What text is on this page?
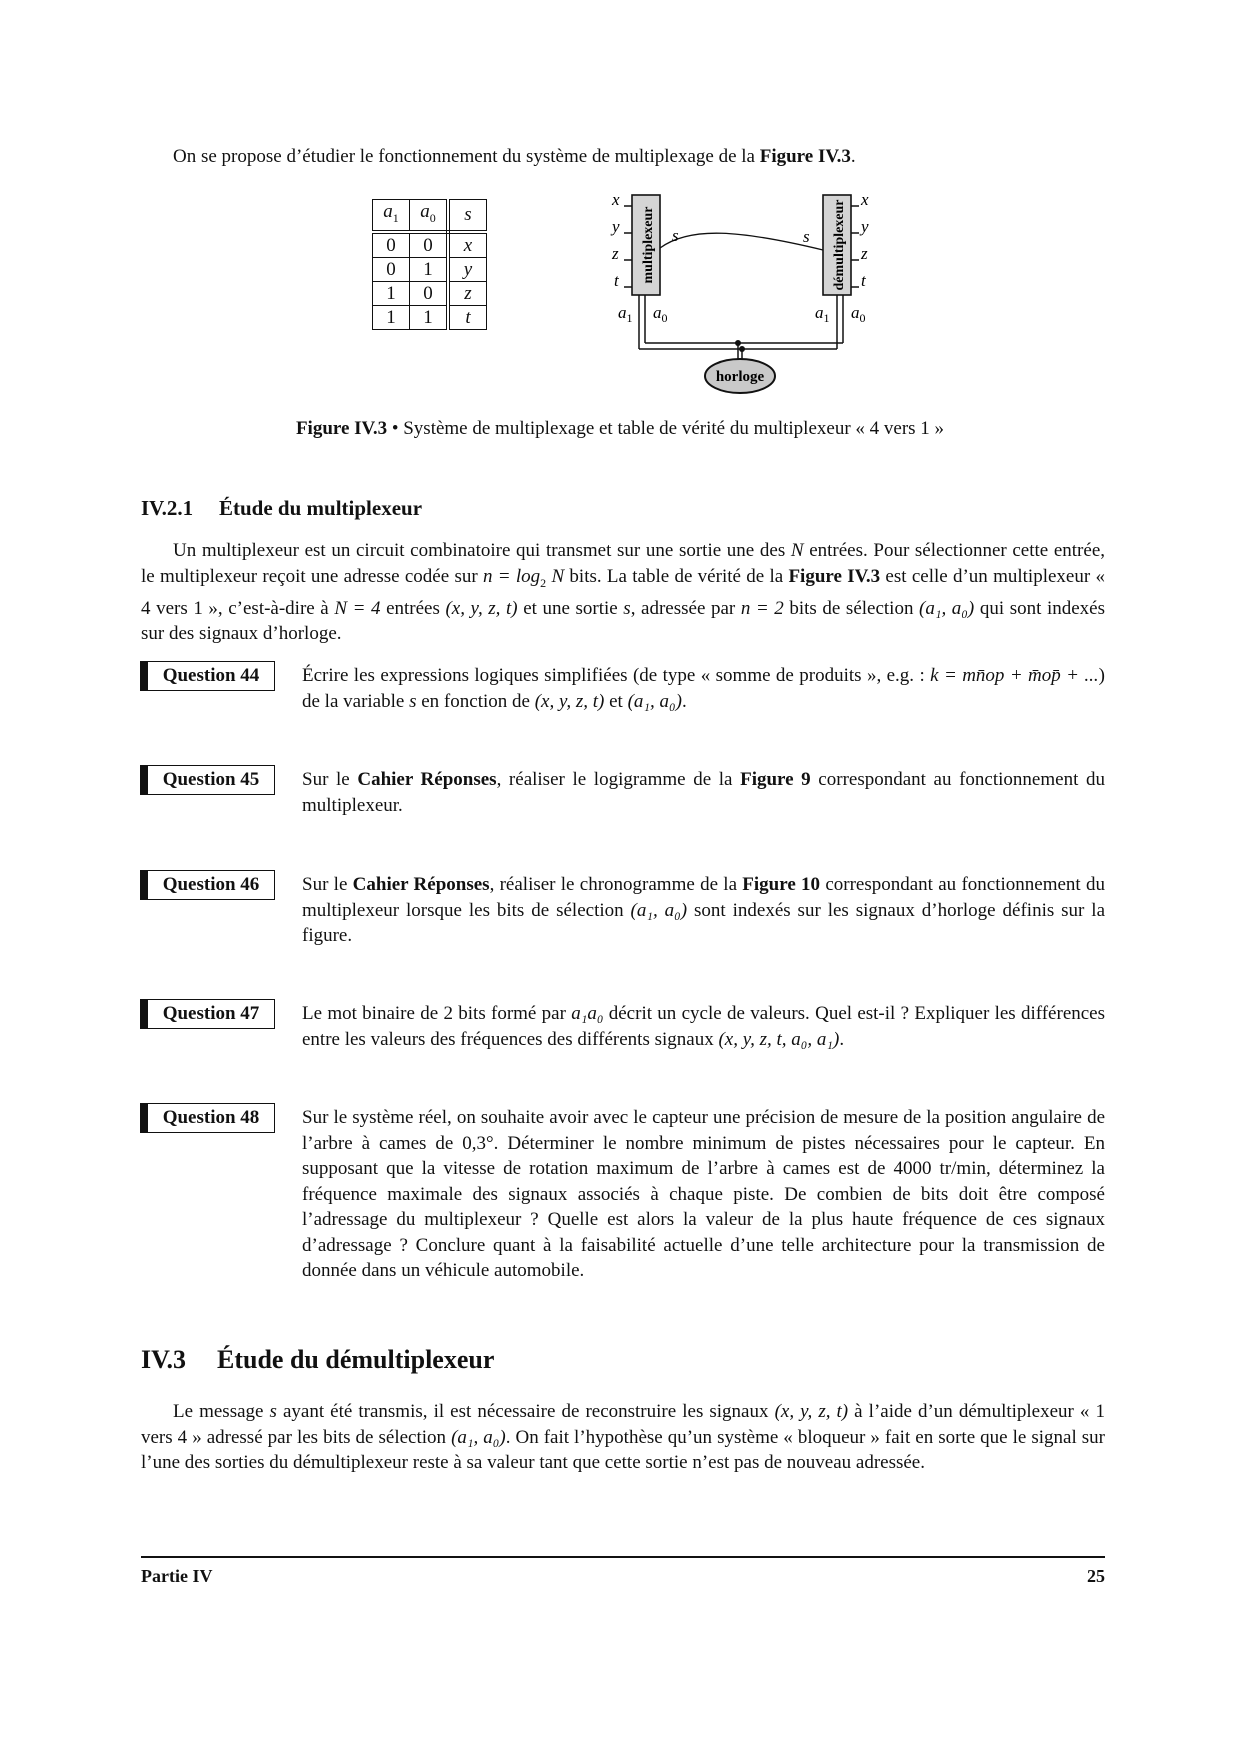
On se propose d’étudier le fonctionnement du système de multiplexage de la Figure IV.3.
$a_1$	$a_0$	s
0	0	x
0	1	y
1	0	z
1	1	t
multiplexeur
x
y
z
t	démultiplexeur x
y
z
t
s	s
$a_1$ $a_0$	$a_1$ $a_0$
horloge
Figure IV.3 • Système de multiplexage et table de vérité du multiplexeur « 4 vers 1 »
IV.2.1 Étude du multiplexeur
Un multiplexeur est un circuit combinatoire qui transmet sur une sortie une des N entrées. Pour sélectionner cette entrée, le multiplexeur reçoit une adresse codée sur $n = \log_2 N$ bits. La table de vérité de la Figure IV.3 est celle d’un multiplexeur « 4 vers 1 », c’est-à-dire à N = 4 entrées (x, y, z, t) et une sortie s, adressée par n = 2 bits de sélection (a₁, a₀) qui sont indexés sur des signaux d’horloge.
Question 44	Écrire les expressions logiques simplifiées (de type « somme de produits », e.g. : k = mn̄op + m̄op̄ + ...) de la variable s en fonction de (x, y, z, t) et (a₁, a₀).
Question 45	Sur le Cahier Réponses, réaliser le logigramme de la Figure 9 correspondant au fonctionnement du multiplexeur.
Question 46	Sur le Cahier Réponses, réaliser le chronogramme de la Figure 10 correspondant au fonctionnement du multiplexeur lorsque les bits de sélection (a₁, a₀) sont indexés sur les signaux d’horloge définis sur la figure.
Question 47	Le mot binaire de 2 bits formé par a₁a₀ décrit un cycle de valeurs. Quel est-il ? Expliquer les différences entre les valeurs des fréquences des différents signaux (x, y, z, t, a₀, a₁).
Question 48	Sur le système réel, on souhaite avoir avec le capteur une précision de mesure de la position angulaire de l’arbre à cames de 0,3°. Déterminer le nombre minimum de pistes nécessaires pour le capteur. En supposant que la vitesse de rotation maximum de l’arbre à cames est de 4000 tr/min, déterminez la fréquence maximale des signaux associés à chaque piste. De combien de bits doit être composé l’adressage du multiplexeur ? Quelle est alors la valeur de la plus haute fréquence de ces signaux d’adressage ? Conclure quant à la faisabilité actuelle d’une telle architecture pour la transmission de donnée dans un véhicule automobile.
IV.3 Étude du démultiplexeur
Le message s ayant été transmis, il est nécessaire de reconstruire les signaux (x, y, z, t) à l’aide d’un démultiplexeur « 1 vers 4 » adressé par les bits de sélection (a₁, a₀). On fait l’hypothèse qu’un système « bloqueur » fait en sorte que le signal sur l’une des sorties du démultiplexeur reste à sa valeur tant que cette sortie n’est pas de nouveau adressée.
Partie IV	25
